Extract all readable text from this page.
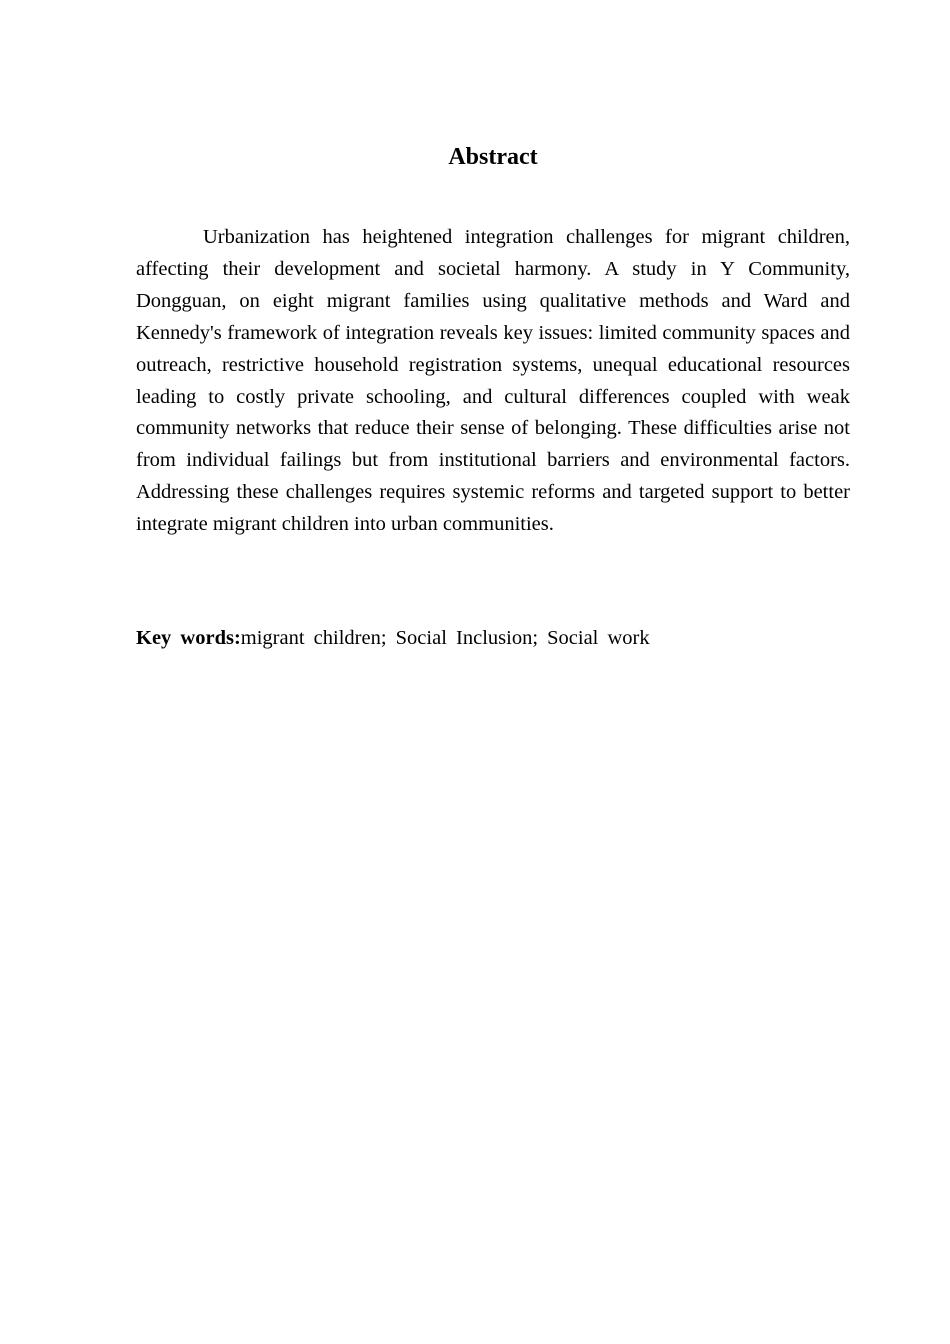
Abstract

Urbanization has heightened integration challenges for migrant children, affecting their development and societal harmony. A study in Y Community, Dongguan, on eight migrant families using qualitative methods and Ward and Kennedy's framework of integration reveals key issues: limited community spaces and outreach, restrictive household registration systems, unequal educational resources leading to costly private schooling, and cultural differences coupled with weak community networks that reduce their sense of belonging. These difficulties arise not from individual failings but from institutional barriers and environmental factors. Addressing these challenges requires systemic reforms and targeted support to better integrate migrant children into urban communities.

Key words:migrant children; Social Inclusion; Social work
